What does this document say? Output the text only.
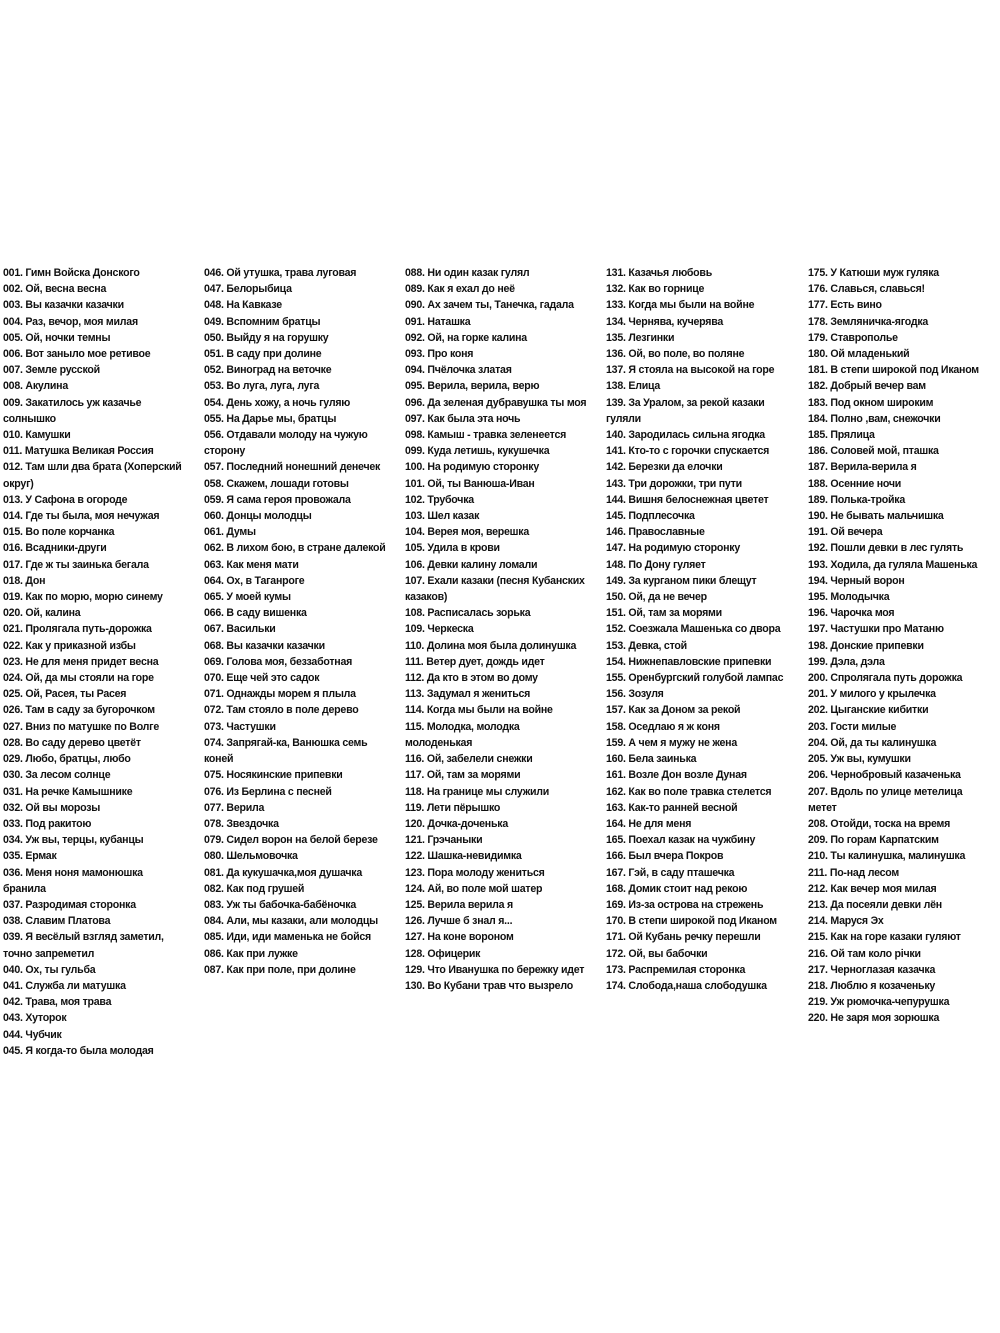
001. Гимн Войска Донского
002. Ой, весна весна
003. Вы казачки казачки
004. Раз, вечор, моя милая
005. Ой, ночки темны
006. Вот заныло мое ретивое
007. Земле русской
008. Акулина
009. Закатилось уж казачье солнышко
010. Камушки
011. Матушка Великая Россия
012. Там шли два брата (Хоперский округ)
013. У Сафона в огороде
014. Где ты была, моя нечужая
015. Во поле корчанка
016. Всадники-други
017. Где ж ты заинька бегала
018. Дон
019. Как по морю, морю синему
020. Ой, калина
021. Пролягала путь-дорожка
022. Как у приказной избы
023. Не для меня придет весна
024. Ой, да мы стояли на горе
025. Ой, Расея, ты Расея
026. Там в саду за бугорочком
027. Вниз по матушке по Волге
028. Во саду дерево цветёт
029. Любо, братцы, любо
030. За лесом солнце
031. На речке Камышнике
032. Ой вы морозы
033. Под ракитою
034. Уж вы, терцы, кубанцы
035. Ермак
036. Меня ноня мамонюшка бранила
037. Разродимая сторонка
038. Славим Платова
039. Я весёлый взгляд заметил, точно запреметил
040. Ох, ты гульба
041. Служба ли матушка
042. Трава, моя трава
043. Хуторок
044. Чубчик
045. Я когда-то была молодая
046. Ой утушка, трава луговая
047. Белорыбица
048. На Кавказе
049. Вспомним братцы
050. Выйду я на горушку
051. В саду при долине
052. Виноград на веточке
053. Во луга, луга, луга
054. День хожу, а ночь гуляю
055. На Дарье мы, братцы
056. Отдавали молоду на чужую сторону
057. Последний нонешний денечек
058. Скажем, лошади готовы
059. Я сама героя провожала
060. Донцы молодцы
061. Думы
062. В лихом бою, в стране далекой
063. Как меня мати
064. Ох, в Таганроге
065. У моей кумы
066. В саду вишенка
067. Васильки
068. Вы казачки казачки
069. Голова моя, беззаботная
070. Еще чей это садок
071. Однажды морем я плыла
072. Там стояло в поле дерево
073. Частушки
074. Запрягай-ка, Ванюшка семь коней
075. Носякинские припевки
076. Из Берлина с песней
077. Верила
078. Звездочка
079. Сидел ворон на белой березе
080. Шельмовочка
081. Да кукушачка,моя душачка
082. Как под грушей
083. Уж ты бабочка-бабёночка
084. Али, мы казаки, али молодцы
085. Иди, иди маменька не бойся
086. Как при лужке
087. Как при поле, при долине
088. Ни один казак гулял
089. Как я ехал до неё
090. Ах зачем ты, Танечка, гадала
091. Наташка
092. Ой, на горке калина
093. Про коня
094. Пчёлочка златая
095. Верила, верила, верю
096. Да зеленая дубравушка ты моя
097. Как была эта ночь
098. Камыш - травка зеленеется
099. Куда летишь, кукушечка
100. На родимую сторонку
101. Ой, ты Ванюша-Иван
102. Трубочка
103. Шел казак
104. Верея моя, верешка
105. Удила в крови
106. Девки калину ломали
107. Ехали казаки (песня Кубанских казаков)
108. Расписалась зорька
109. Черкеска
110. Долина моя была долинушка
111. Ветер дует, дождь идет
112. Да кто в этом во дому
113. Задумал я жениться
114. Когда мы были на войне
115. Молодка, молодка молоденькая
116. Ой, забелели снежки
117. Ой, там за морями
118. На границе мы служили
119. Лети пёрышко
120. Дочка-доченька
121. Грэчаныки
122. Шашка-невидимка
123. Пора молоду жениться
124. Ай, во поле мой шатер
125. Верила верила я
126. Лучше б знал я...
127. На коне вороном
128. Офицерик
129. Что Иванушка по бережку идет
130. Во Кубани трав что вызрело
131. Казачья любовь
132. Как во горнице
133. Когда мы были на войне
134. Чернява, кучерява
135. Лезгинки
136. Ой, во поле, во поляне
137. Я стояла на высокой на горе
138. Елица
139. За Уралом, за рекой казаки гуляли
140. Зародилась сильна ягодка
141. Кто-то с горочки спускается
142. Березки да елочки
143. Три дорожки, три пути
144. Вишня белоснежная цветет
145. Подплесочка
146. Православные
147. На родимую сторонку
148. По Дону гуляет
149. За курганом пики блещут
150. Ой, да не вечер
151. Ой, там за морями
152. Соезжала Машенька со двора
153. Девка, стой
154. Нижнепавловские припевки
155. Оренбургский голубой лампас
156. Зозуля
157. Как за Доном за рекой
158. Оседлаю я ж коня
159. А чем я мужу не жена
160. Бела заинька
161. Возле Дон возле Дуная
162. Как во поле травка стелется
163. Как-то ранней весной
164. Не для меня
165. Поехал казак на чужбину
166. Был вчера Покров
167. Гэй, в саду пташечка
168. Домик стоит над рекою
169. Из-за острова на стрежень
170. В степи широкой под Иканом
171. Ой Кубань речку перешли
172. Ой, вы бабочки
173. Распремилая сторонка
174. Слобода,наша слободушка
175. У Катюши муж гуляка
176. Славься, славься!
177. Есть вино
178. Земляничка-ягодка
179. Ставрополье
180. Ой младенький
181. В степи широкой под Иканом
182. Добрый вечер вам
183. Под окном широким
184. Полно ,вам, снежочки
185. Прялица
186. Соловей мой, пташка
187. Верила-верила я
188. Осенние ночи
189. Полька-тройка
190. Не бывать мальчишка
191. Ой вечера
192. Пошли девки в лес гулять
193. Ходила, да гуляла Машенька
194. Черный ворон
195. Молодычка
196. Чарочка моя
197. Частушки про Матаню
198. Донские припевки
199. Дэла, дэла
200. Спролягала путь дорожка
201. У милого у крылечка
202. Цыганские кибитки
203. Гости милые
204. Ой, да ты калинушка
205. Уж вы, кумушки
206. Чернобровый казаченька
207. Вдоль по улице метелица метет
208. Отойди, тоска на время
209. По горам Карпатским
210. Ты калинушка, малинушка
211. По-над лесом
212. Как вечер моя милая
213. Да посеяли девки лён
214. Маруся Эх
215. Как на горе казаки гуляют
216. Ой там коло річки
217. Черноглазая казачка
218. Люблю я козаченьку
219. Уж рюмочка-чепурушка
220. Не заря моя зорюшка
